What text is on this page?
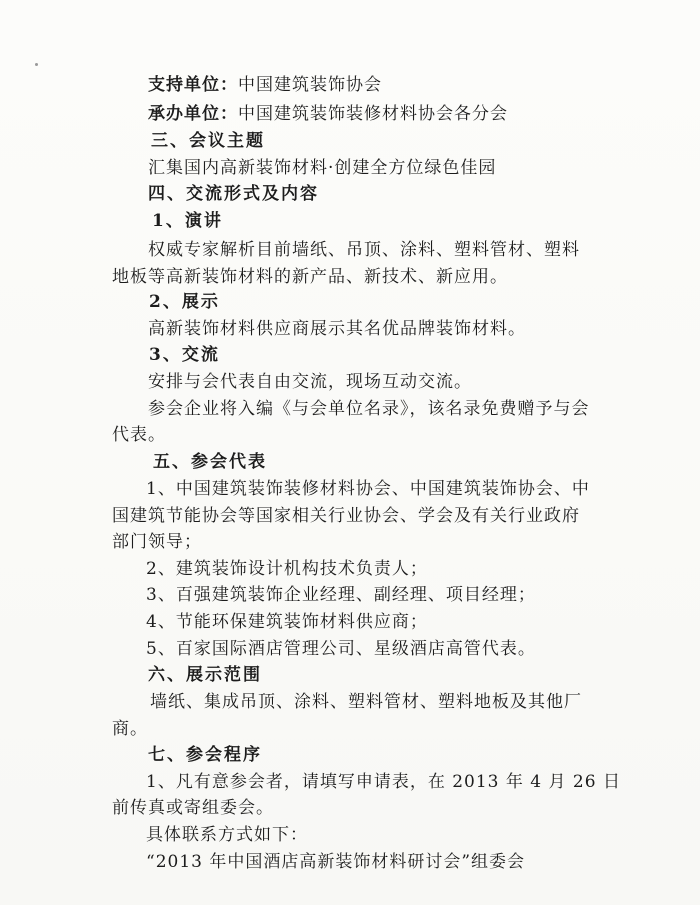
支持单位：中国建筑装饰协会
承办单位：中国建筑装饰装修材料协会各分会
三、会议主题
汇集国内高新装饰材料·创建全方位绿色佳园
四、交流形式及内容
1、演讲
权威专家解析目前墙纸、吊顶、涂料、塑料管材、塑料
地板等高新装饰材料的新产品、新技术、新应用。
2、展示
高新装饰材料供应商展示其名优品牌装饰材料。
3、交流
安排与会代表自由交流，现场互动交流。
参会企业将入编《与会单位名录》，该名录免费赠予与会
代表。
五、参会代表
1、中国建筑装饰装修材料协会、中国建筑装饰协会、中
国建筑节能协会等国家相关行业协会、学会及有关行业政府
部门领导；
2、建筑装饰设计机构技术负责人；
3、百强建筑装饰企业经理、副经理、项目经理；
4、节能环保建筑装饰材料供应商；
5、百家国际酒店管理公司、星级酒店高管代表。
六、展示范围
墙纸、集成吊顶、涂料、塑料管材、塑料地板及其他厂
商。
七、参会程序
1、凡有意参会者，请填写申请表，在 2013 年 4 月 26 日
前传真或寄组委会。
具体联系方式如下：
“2013 年中国酒店高新装饰材料研讨会”组委会
